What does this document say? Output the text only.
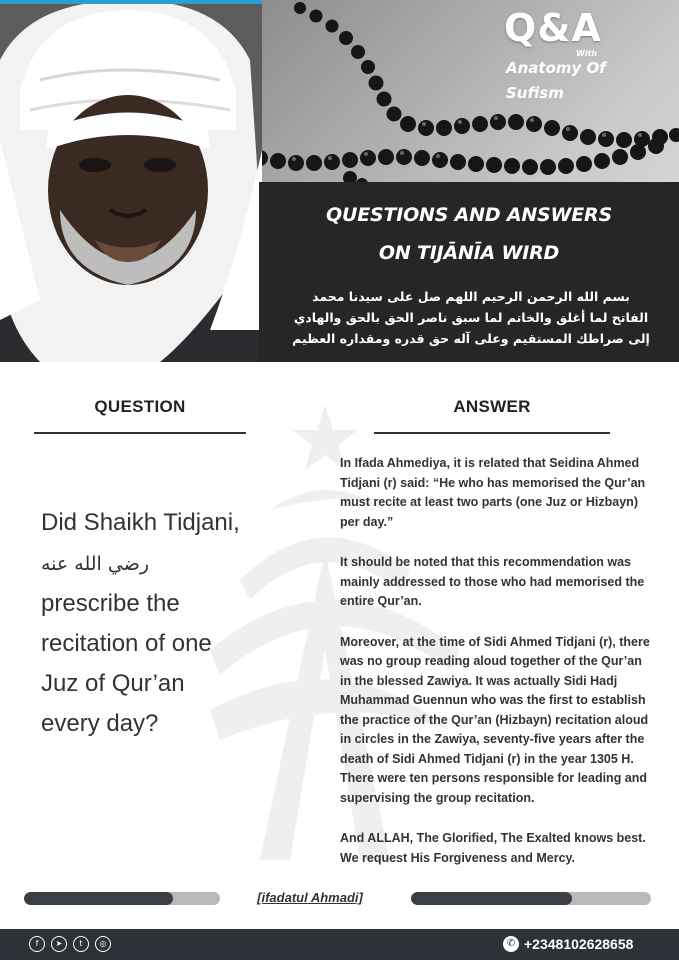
Q&A
With
Anatomy Of
Sufism
QUESTIONS AND ANSWERS
ON TIJĀNĪA WIRD
بسم الله الرحمن الرحيم اللهم صل على سيدنا محمد
الفاتح لما أغلق والخاتم لما سبق ناصر الحق بالحق والهادي
إلى صراطك المستقيم وعلى آله حق قدره ومقداره العظيم
QUESTION	ANSWER
Did Shaikh Tidjani, رضي الله عنه prescribe the recitation of one Juz of Qur’an every day?

In Ifada Ahmediya, it is related that Seidina Ahmed Tidjani (r) said: “He who has memorised the Qur’an must recite at least two parts (one Juz or Hizbayn) per day.”

It should be noted that this recommendation was mainly addressed to those who had memorised the entire Qur’an.

Moreover, at the time of Sidi Ahmed Tidjani (r), there was no group reading aloud together of the Qur’an in the blessed Zawiya. It was actually Sidi Hadj Muhammad Guennun who was the first to establish the practice of the Qur’an (Hizbayn) recitation aloud in circles in the Zawiya, seventy-five years after the death of Sidi Ahmed Tidjani (r) in the year 1305 H. There were ten persons responsible for leading and supervising the group recitation.

And ALLAH, The Glorified, The Exalted knows best. We request His Forgiveness and Mercy.

[ifadatul Ahmadi]
f	➤	t	◎	✆ +2348102628658
